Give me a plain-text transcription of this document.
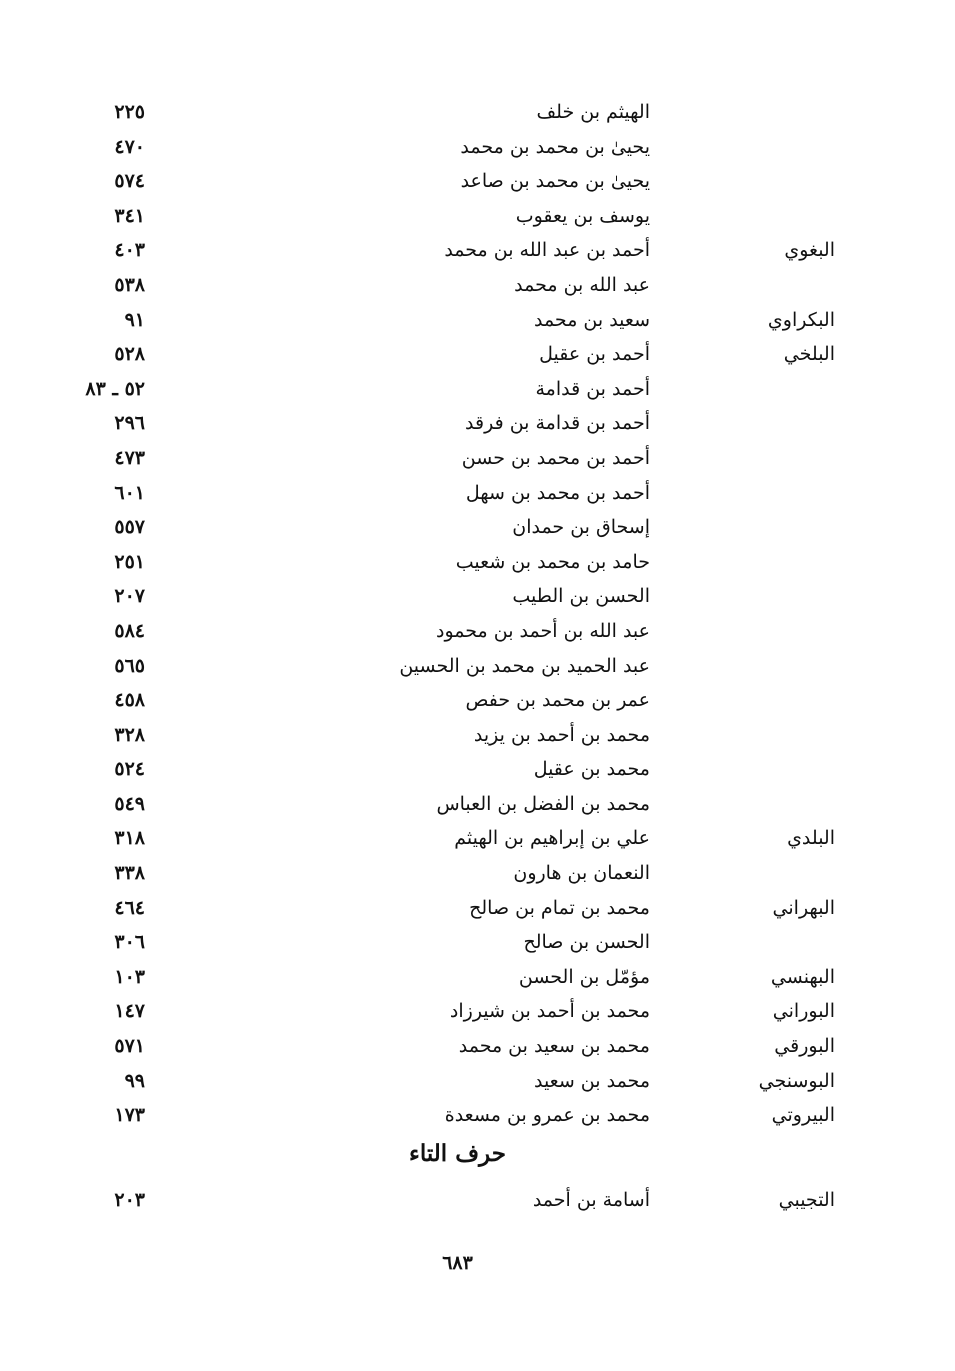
الهيثم بن خلف
٢٢٥
يحيىٰ بن محمد بن محمد
٤٧٠
يحيىٰ بن محمد بن صاعد
٥٧٤
يوسف بن يعقوب
٣٤١
البغوي
أحمد بن عبد الله بن محمد
٤٠٣
عبد الله بن محمد
٥٣٨
البكراوي
سعيد بن محمد
٩١
البلخي
أحمد بن عقيل
٥٢٨
أحمد بن قدامة
٥٢ ـ ٨٣
أحمد بن قدامة بن فرقد
٢٩٦
أحمد بن محمد بن حسن
٤٧٣
أحمد بن محمد بن سهل
٦٠١
إسحاق بن حمدان
٥٥٧
حامد بن محمد بن شعيب
٢٥١
الحسن بن الطيب
٢٠٧
عبد الله بن أحمد بن محمود
٥٨٤
عبد الحميد بن محمد بن الحسين
٥٦٥
عمر بن محمد بن حفص
٤٥٨
محمد بن أحمد بن يزيد
٣٢٨
محمد بن عقيل
٥٢٤
محمد بن الفضل بن العباس
٥٤٩
البلدي
علي بن إبراهيم بن الهيثم
٣١٨
النعمان بن هارون
٣٣٨
البهراني
محمد بن تمام بن صالح
٤٦٤
الحسن بن صالح
٣٠٦
البهنسي
مؤمّل بن الحسن
١٠٣
البوراني
محمد بن أحمد بن شيرزاد
١٤٧
البورقي
محمد بن سعيد بن محمد
٥٧١
البوسنجي
محمد بن سعيد
٩٩
البيروتي
محمد بن عمرو بن مسعدة
١٧٣
حرف التاء
التجيبي
أسامة بن أحمد
٢٠٣
٦٨٣
